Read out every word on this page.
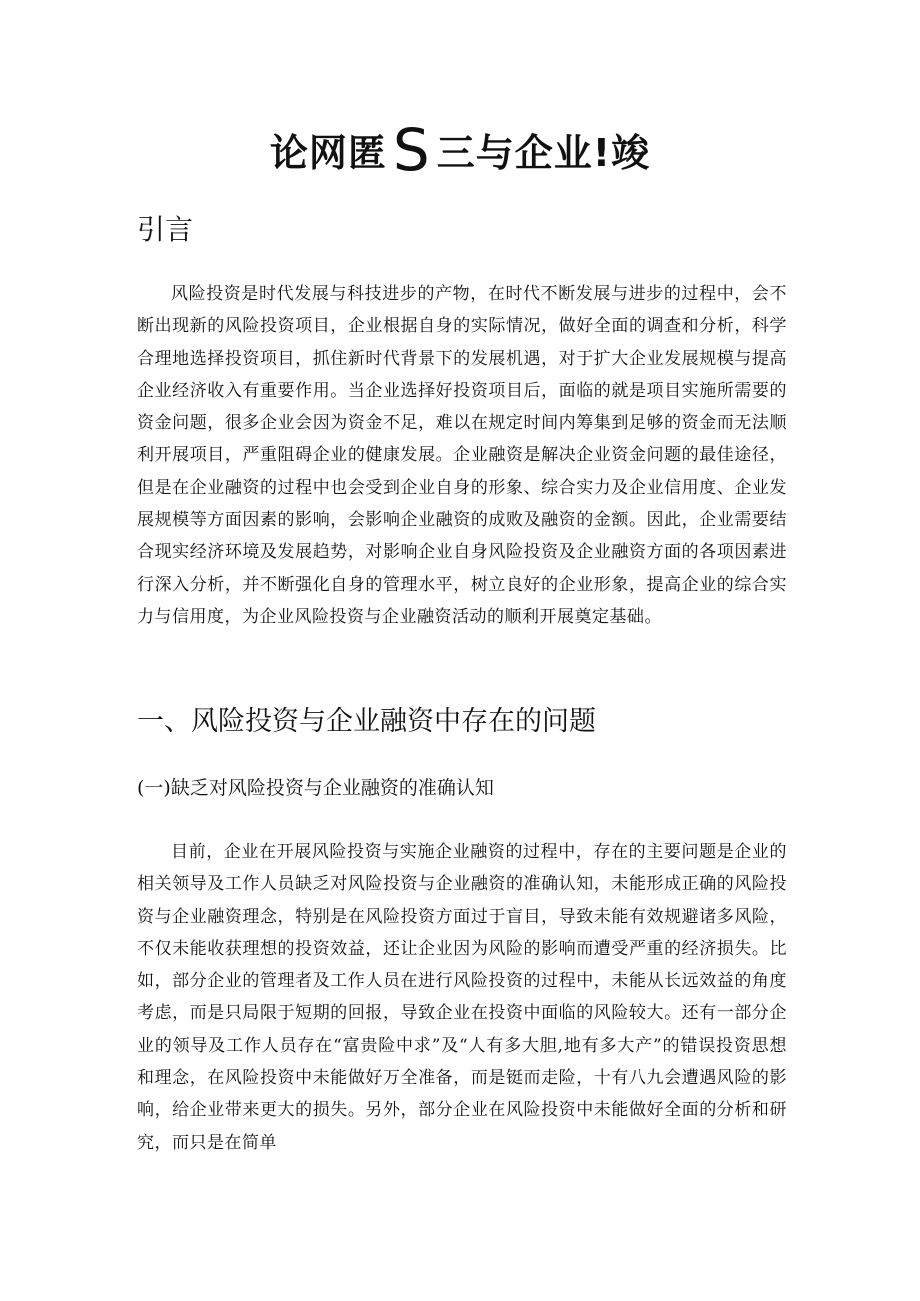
论网匿 S 三与企业!竣
引言

风险投资是时代发展与科技进步的产物，在时代不断发展与进步的过程中，会不断出现新的风险投资项目，企业根据自身的实际情况，做好全面的调查和分析，科学合理地选择投资项目，抓住新时代背景下的发展机遇，对于扩大企业发展规模与提高企业经济收入有重要作用。当企业选择好投资项目后，面临的就是项目实施所需要的资金问题，很多企业会因为资金不足，难以在规定时间内筹集到足够的资金而无法顺利开展项目，严重阻碍企业的健康发展。企业融资是解决企业资金问题的最佳途径，但是在企业融资的过程中也会受到企业自身的形象、综合实力及企业信用度、企业发展规模等方面因素的影响，会影响企业融资的成败及融资的金额。因此，企业需要结合现实经济环境及发展趋势，对影响企业自身风险投资及企业融资方面的各项因素进行深入分析，并不断强化自身的管理水平，树立良好的企业形象，提高企业的综合实力与信用度，为企业风险投资与企业融资活动的顺利开展奠定基础。

一、风险投资与企业融资中存在的问题
(一)缺乏对风险投资与企业融资的准确认知

目前，企业在开展风险投资与实施企业融资的过程中，存在的主要问题是企业的相关领导及工作人员缺乏对风险投资与企业融资的准确认知，未能形成正确的风险投资与企业融资理念，特别是在风险投资方面过于盲目，导致未能有效规避诸多风险，不仅未能收获理想的投资效益，还让企业因为风险的影响而遭受严重的经济损失。比如，部分企业的管理者及工作人员在进行风险投资的过程中，未能从长远效益的角度考虑，而是只局限于短期的回报，导致企业在投资中面临的风险较大。还有一部分企业的领导及工作人员存在“富贵险中求”及“人有多大胆,地有多大产”的错误投资思想和理念，在风险投资中未能做好万全准备，而是铤而走险，十有八九会遭遇风险的影响，给企业带来更大的损失。另外，部分企业在风险投资中未能做好全面的分析和研究，而只是在简单
